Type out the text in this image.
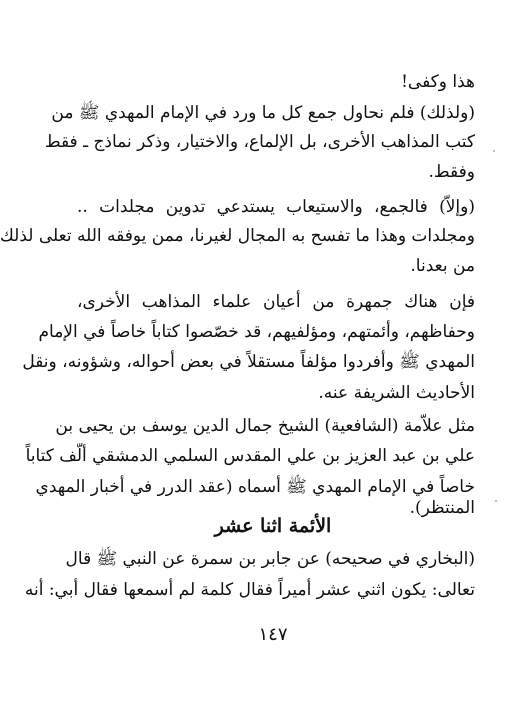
هذا وكفى!
(ولذلك) فلم نحاول جمع كل ما ورد في الإمام المهدي ﷺ من
كتب المذاهب الأخرى، بل الإلماع، والاختيار، وذكر نماذج ـ فقط
وفقط.
(وإلاّ) فالجمع، والاستيعاب يستدعي تدوين مجلدات ..
ومجلدات وهذا ما تفسح به المجال لغيرنا، ممن يوفقه الله تعلى لذلك
من بعدنا.
فإن هناك جمهرة من أعيان علماء المذاهب الأخرى،
وحفاظهم، وأئمتهم، ومؤلفيهم، قد خصّصوا كتاباً خاصاً في الإمام
المهدي ﷺ وأفردوا مؤلفاً مستقلاً في بعض أحواله، وشؤونه، ونقل
الأحاديث الشريفة عنه.
مثل علاّمة (الشافعية) الشيخ جمال الدين يوسف بن يحيى بن
علي بن عبد العزيز بن علي المقدس السلمي الدمشقي ألّف كتاباً
خاصاً في الإمام المهدي ﷺ أسماه (عقد الدرر في أخبار المهدي
المنتظر).
الأئمة اثنا عشر
(البخاري في صحيحه) عن جابر بن سمرة عن النبي ﷺ قال
تعالى: يكون اثني عشر أميراً فقال كلمة لم أسمعها فقال أبي: أنه
١٤٧
